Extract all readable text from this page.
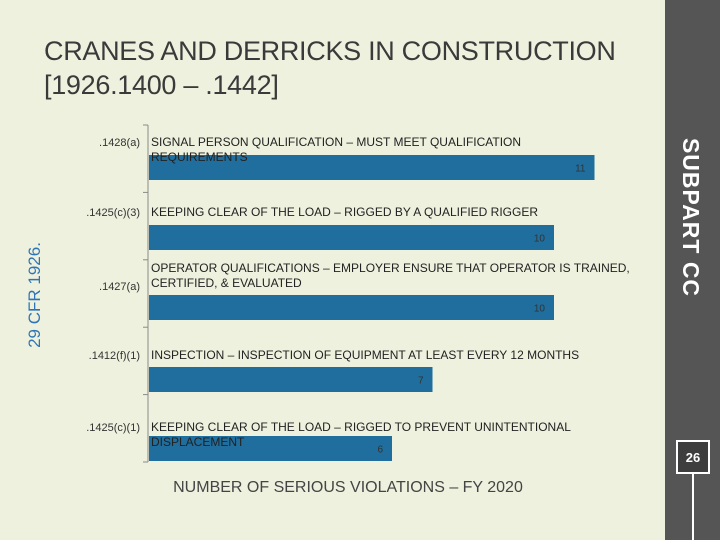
CRANES AND DERRICKS IN CONSTRUCTION
[1926.1400 – .1442]
29 CFR 1926.
11
.1428(a) SIGNAL PERSON QUALIFICATION – MUST MEET QUALIFICATION
REQUIREMENTS
10
.1425(c)(3) KEEPING CLEAR OF THE LOAD – RIGGED BY A QUALIFIED RIGGER
10
.1427(a)
OPERATOR QUALIFICATIONS – EMPLOYER ENSURE THAT OPERATOR IS TRAINED,
CERTIFIED, & EVALUATED
7
.1412(f)(1) INSPECTION – INSPECTION OF EQUIPMENT AT LEAST EVERY 12 MONTHS
6
.1425(c)(1) KEEPING CLEAR OF THE LOAD – RIGGED TO PREVENT UNINTENTIONAL
DISPLACEMENT
NUMBER OF SERIOUS VIOLATIONS – FY 2020
SUBPART CC
26
